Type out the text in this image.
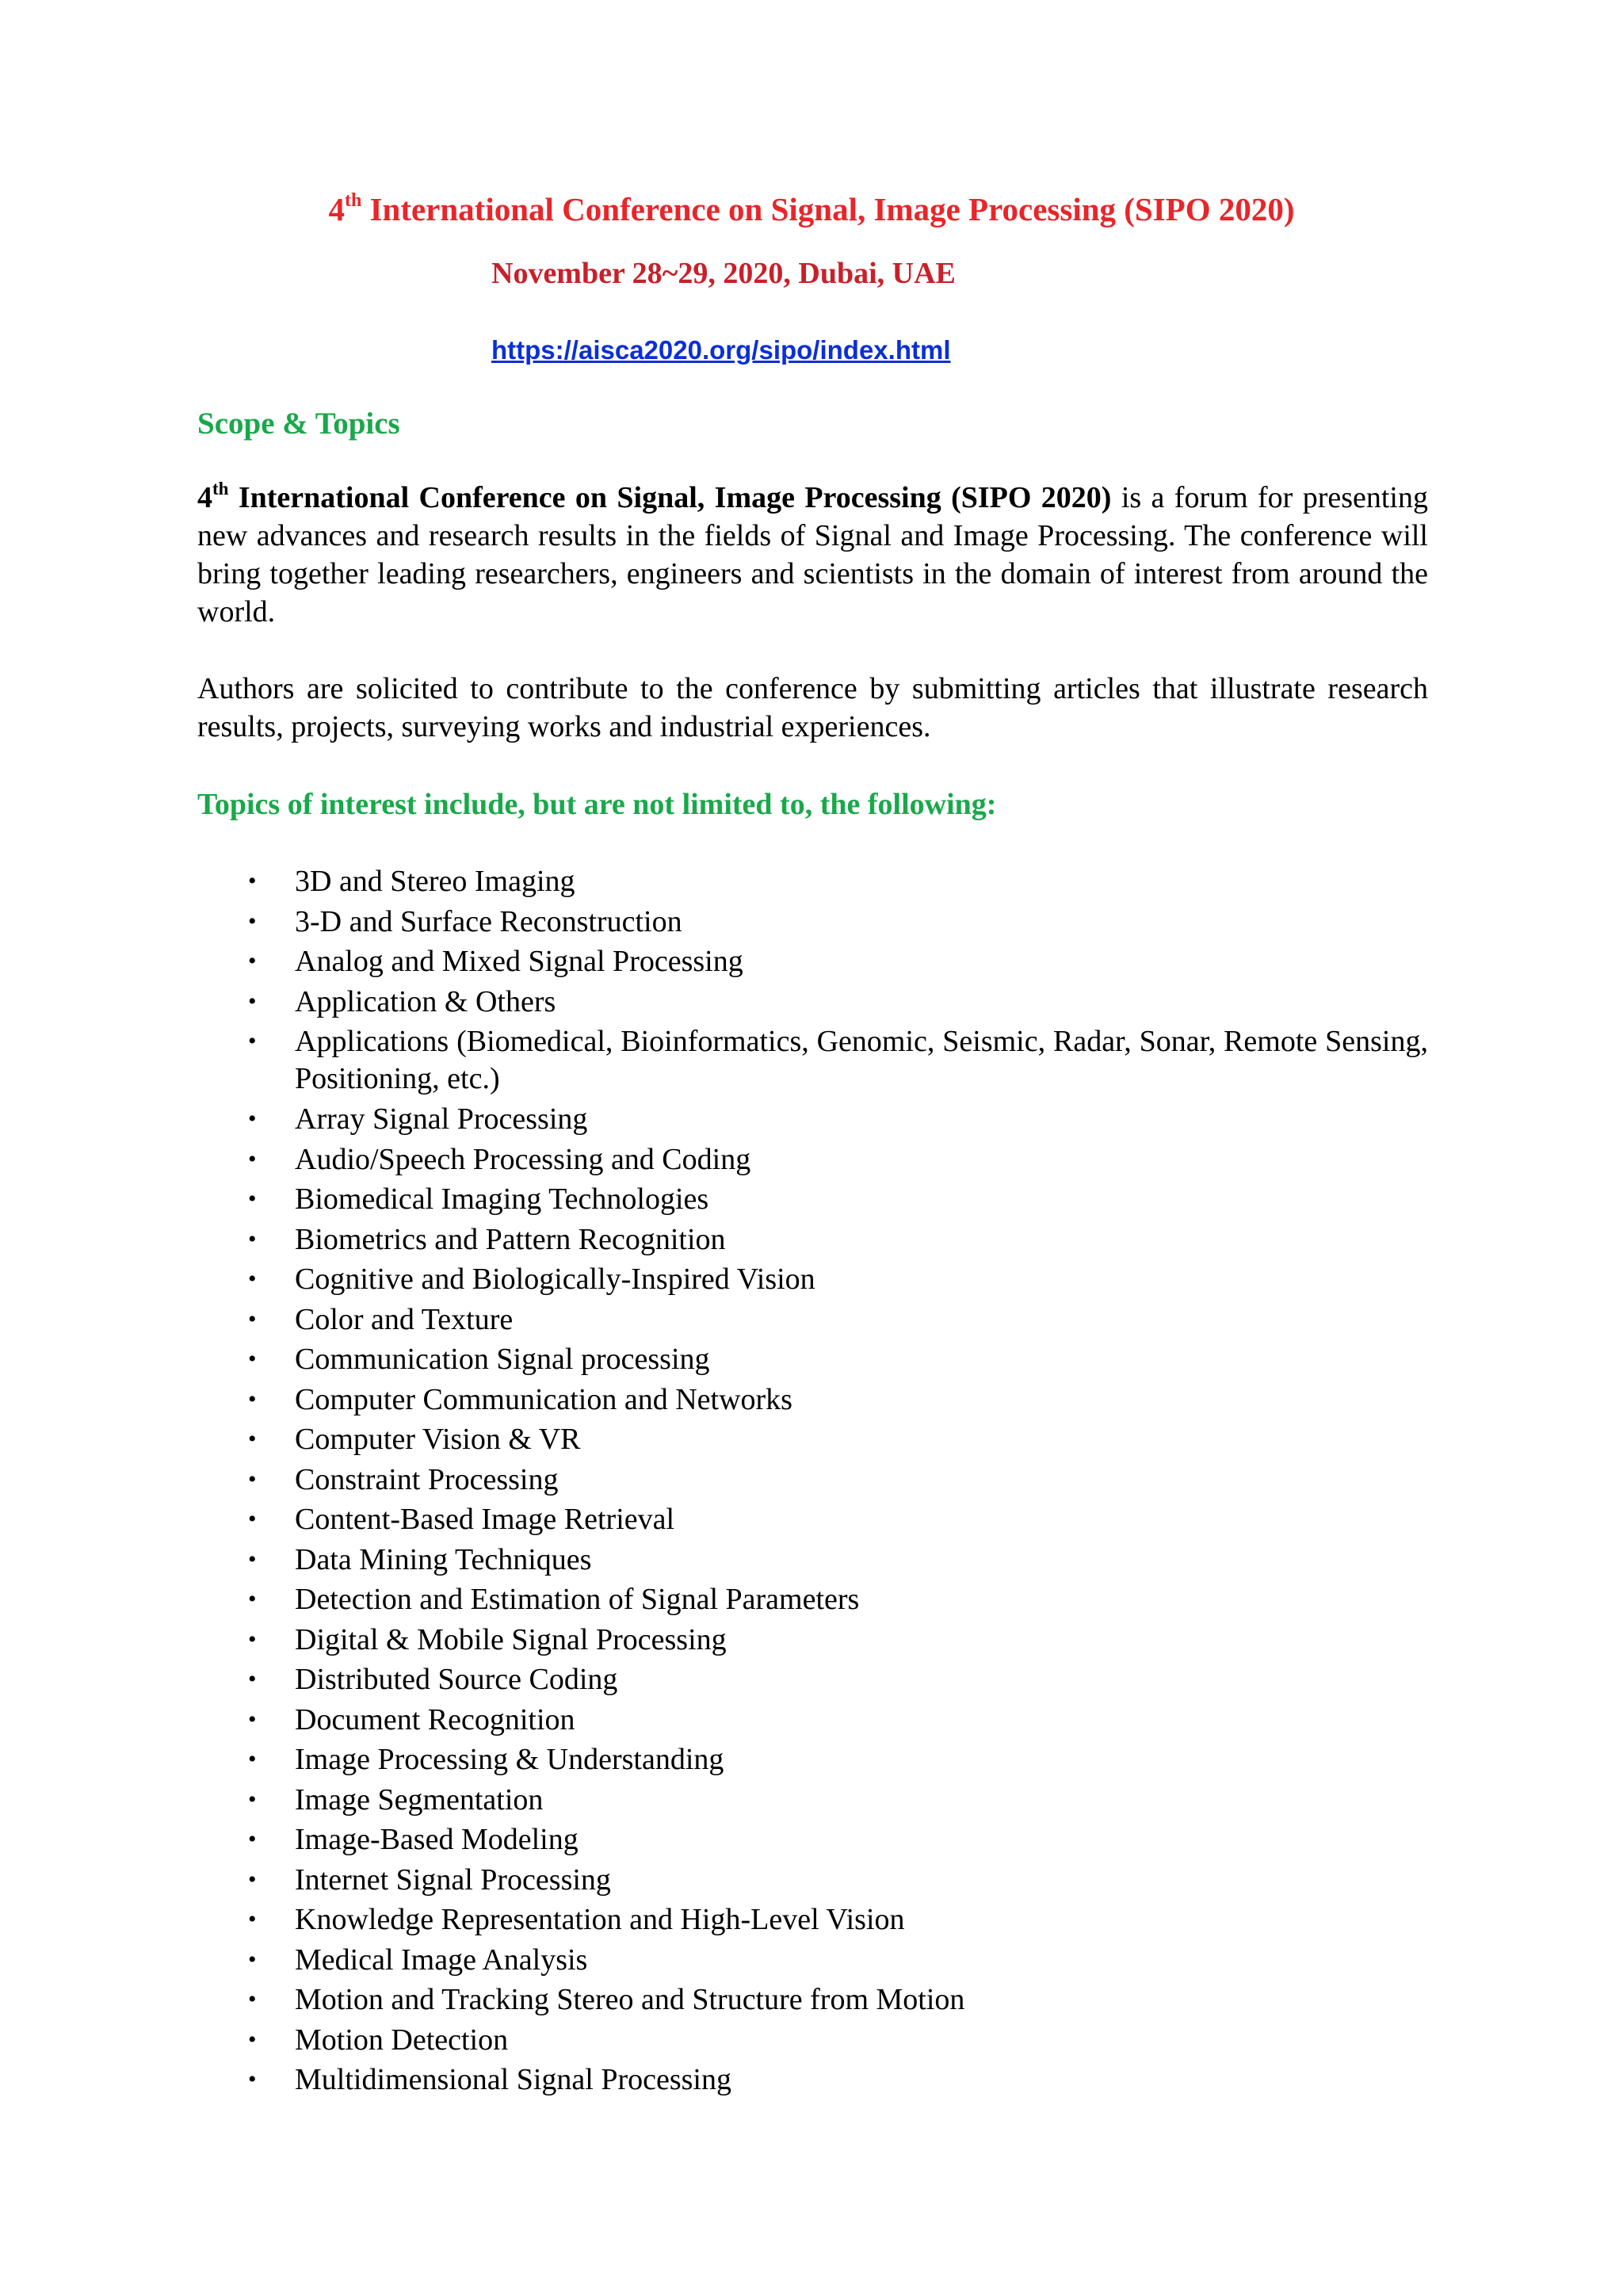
4th International Conference on Signal, Image Processing (SIPO 2020)
November 28~29, 2020, Dubai, UAE
https://aisca2020.org/sipo/index.html
Scope & Topics
4th International Conference on Signal, Image Processing (SIPO 2020) is a forum for presenting new advances and research results in the fields of Signal and Image Processing. The conference will bring together leading researchers, engineers and scientists in the domain of interest from around the world.
Authors are solicited to contribute to the conference by submitting articles that illustrate research results, projects, surveying works and industrial experiences.
Topics of interest include, but are not limited to, the following:
• 3D and Stereo Imaging
• 3-D and Surface Reconstruction
• Analog and Mixed Signal Processing
• Application & Others
• Applications (Biomedical, Bioinformatics, Genomic, Seismic, Radar, Sonar, Remote Sensing, Positioning, etc.)
• Array Signal Processing
• Audio/Speech Processing and Coding
• Biomedical Imaging Technologies
• Biometrics and Pattern Recognition
• Cognitive and Biologically-Inspired Vision
• Color and Texture
• Communication Signal processing
• Computer Communication and Networks
• Computer Vision & VR
• Constraint Processing
• Content-Based Image Retrieval
• Data Mining Techniques
• Detection and Estimation of Signal Parameters
• Digital & Mobile Signal Processing
• Distributed Source Coding
• Document Recognition
• Image Processing & Understanding
• Image Segmentation
• Image-Based Modeling
• Internet Signal Processing
• Knowledge Representation and High-Level Vision
• Medical Image Analysis
• Motion and Tracking Stereo and Structure from Motion
• Motion Detection
• Multidimensional Signal Processing
